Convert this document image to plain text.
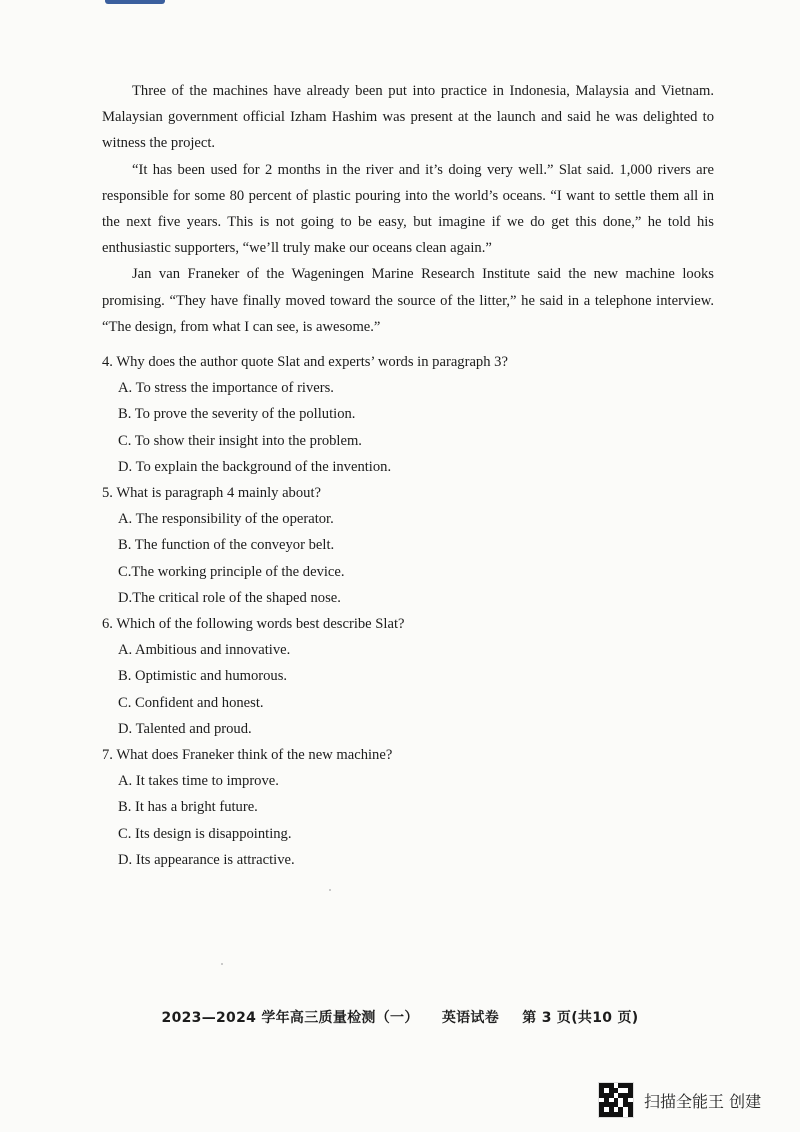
Three of the machines have already been put into practice in Indonesia, Malaysia and Vietnam. Malaysian government official Izham Hashim was present at the launch and said he was delighted to witness the project.

“It has been used for 2 months in the river and it’s doing very well.” Slat said. 1,000 rivers are responsible for some 80 percent of plastic pouring into the world’s oceans. “I want to settle them all in the next five years. This is not going to be easy, but imagine if we do get this done,” he told his enthusiastic supporters, “we’ll truly make our oceans clean again.”

Jan van Franeker of the Wageningen Marine Research Institute said the new machine looks promising. “They have finally moved toward the source of the litter,” he said in a telephone interview. “The design, from what I can see, is awesome.”

4. Why does the author quote Slat and experts’ words in paragraph 3?

A. To stress the importance of rivers.

B. To prove the severity of the pollution.

C. To show their insight into the problem.

D. To explain the background of the invention.

5. What is paragraph 4 mainly about?

A. The responsibility of the operator.

B. The function of the conveyor belt.

C.The working principle of the device.

D.The critical role of the shaped nose.

6. Which of the following words best describe Slat?

A. Ambitious and innovative.

B. Optimistic and humorous.

C. Confident and honest.

D. Talented and proud.

7. What does Franeker think of the new machine?

A. It takes time to improve.

B. It has a bright future.

C. Its design is disappointing.

D. Its appearance is attractive.

2023—2024 学年高三质量检测（一） 英语试卷 第 3 页(共10 页)
扫描全能王 创建
